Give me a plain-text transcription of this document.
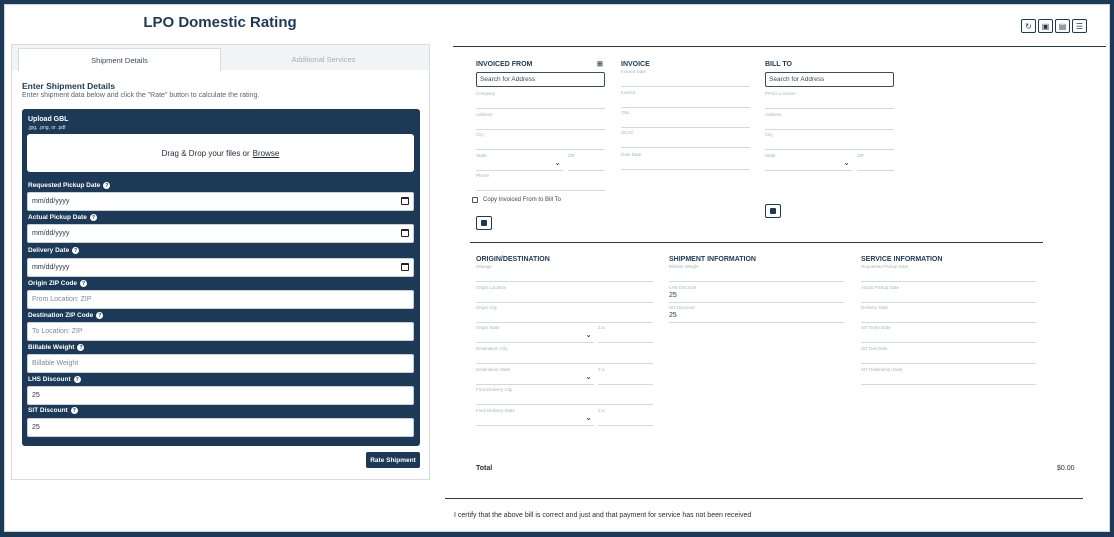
LPO Domestic Rating
Shipment Details	Additional Services
Enter Shipment Details
Enter shipment data below and click the "Rate" button to calculate the rating.
Upload GBL
.jpg, .png, or .pdf
Drag & Drop your files or Browse
Requested Pickup Date ?
mm/dd/yyyy
Actual Pickup Date ?
mm/dd/yyyy
Delivery Date ?
mm/dd/yyyy
Origin ZIP Code ?
From Location: ZIP
Destination ZIP Code ?
To Location: ZIP
Billable Weight ?
Billable Weight
LHS Discount ?
25
SIT Discount ?
25
Rate Shipment
↻	▣	▤	☰
INVOICED FROM	⊞
Search for Address
Company
Address
City
State
⌄
ZIP
Phone
Copy Invoiced From to Bill To
INVOICE
Invoice Date
Invoice
GBL
SCAC
Date Date
BILL TO
Search for Address
PPSO Location
Address
City
State
⌄
ZIP
ORIGIN/DESTINATION
Mileage
Origin Location
Origin City
Origin State
⌄
Z.a
Destination City
Destination State
⌄
Z.a
Final Delivery City
Final Delivery State
⌄
Z.a
SHIPMENT INFORMATION
Billable Weight
LHS Discount
25
SIT Discount
25
SERVICE INFORMATION
Requested Pickup Date
Actual Pickup Date
Delivery Date
SIT Entry Date
SIT Exit Date
SIT Destination Date
Total	$0.00
I certify that the above bill is correct and just and that payment for service has not been received
